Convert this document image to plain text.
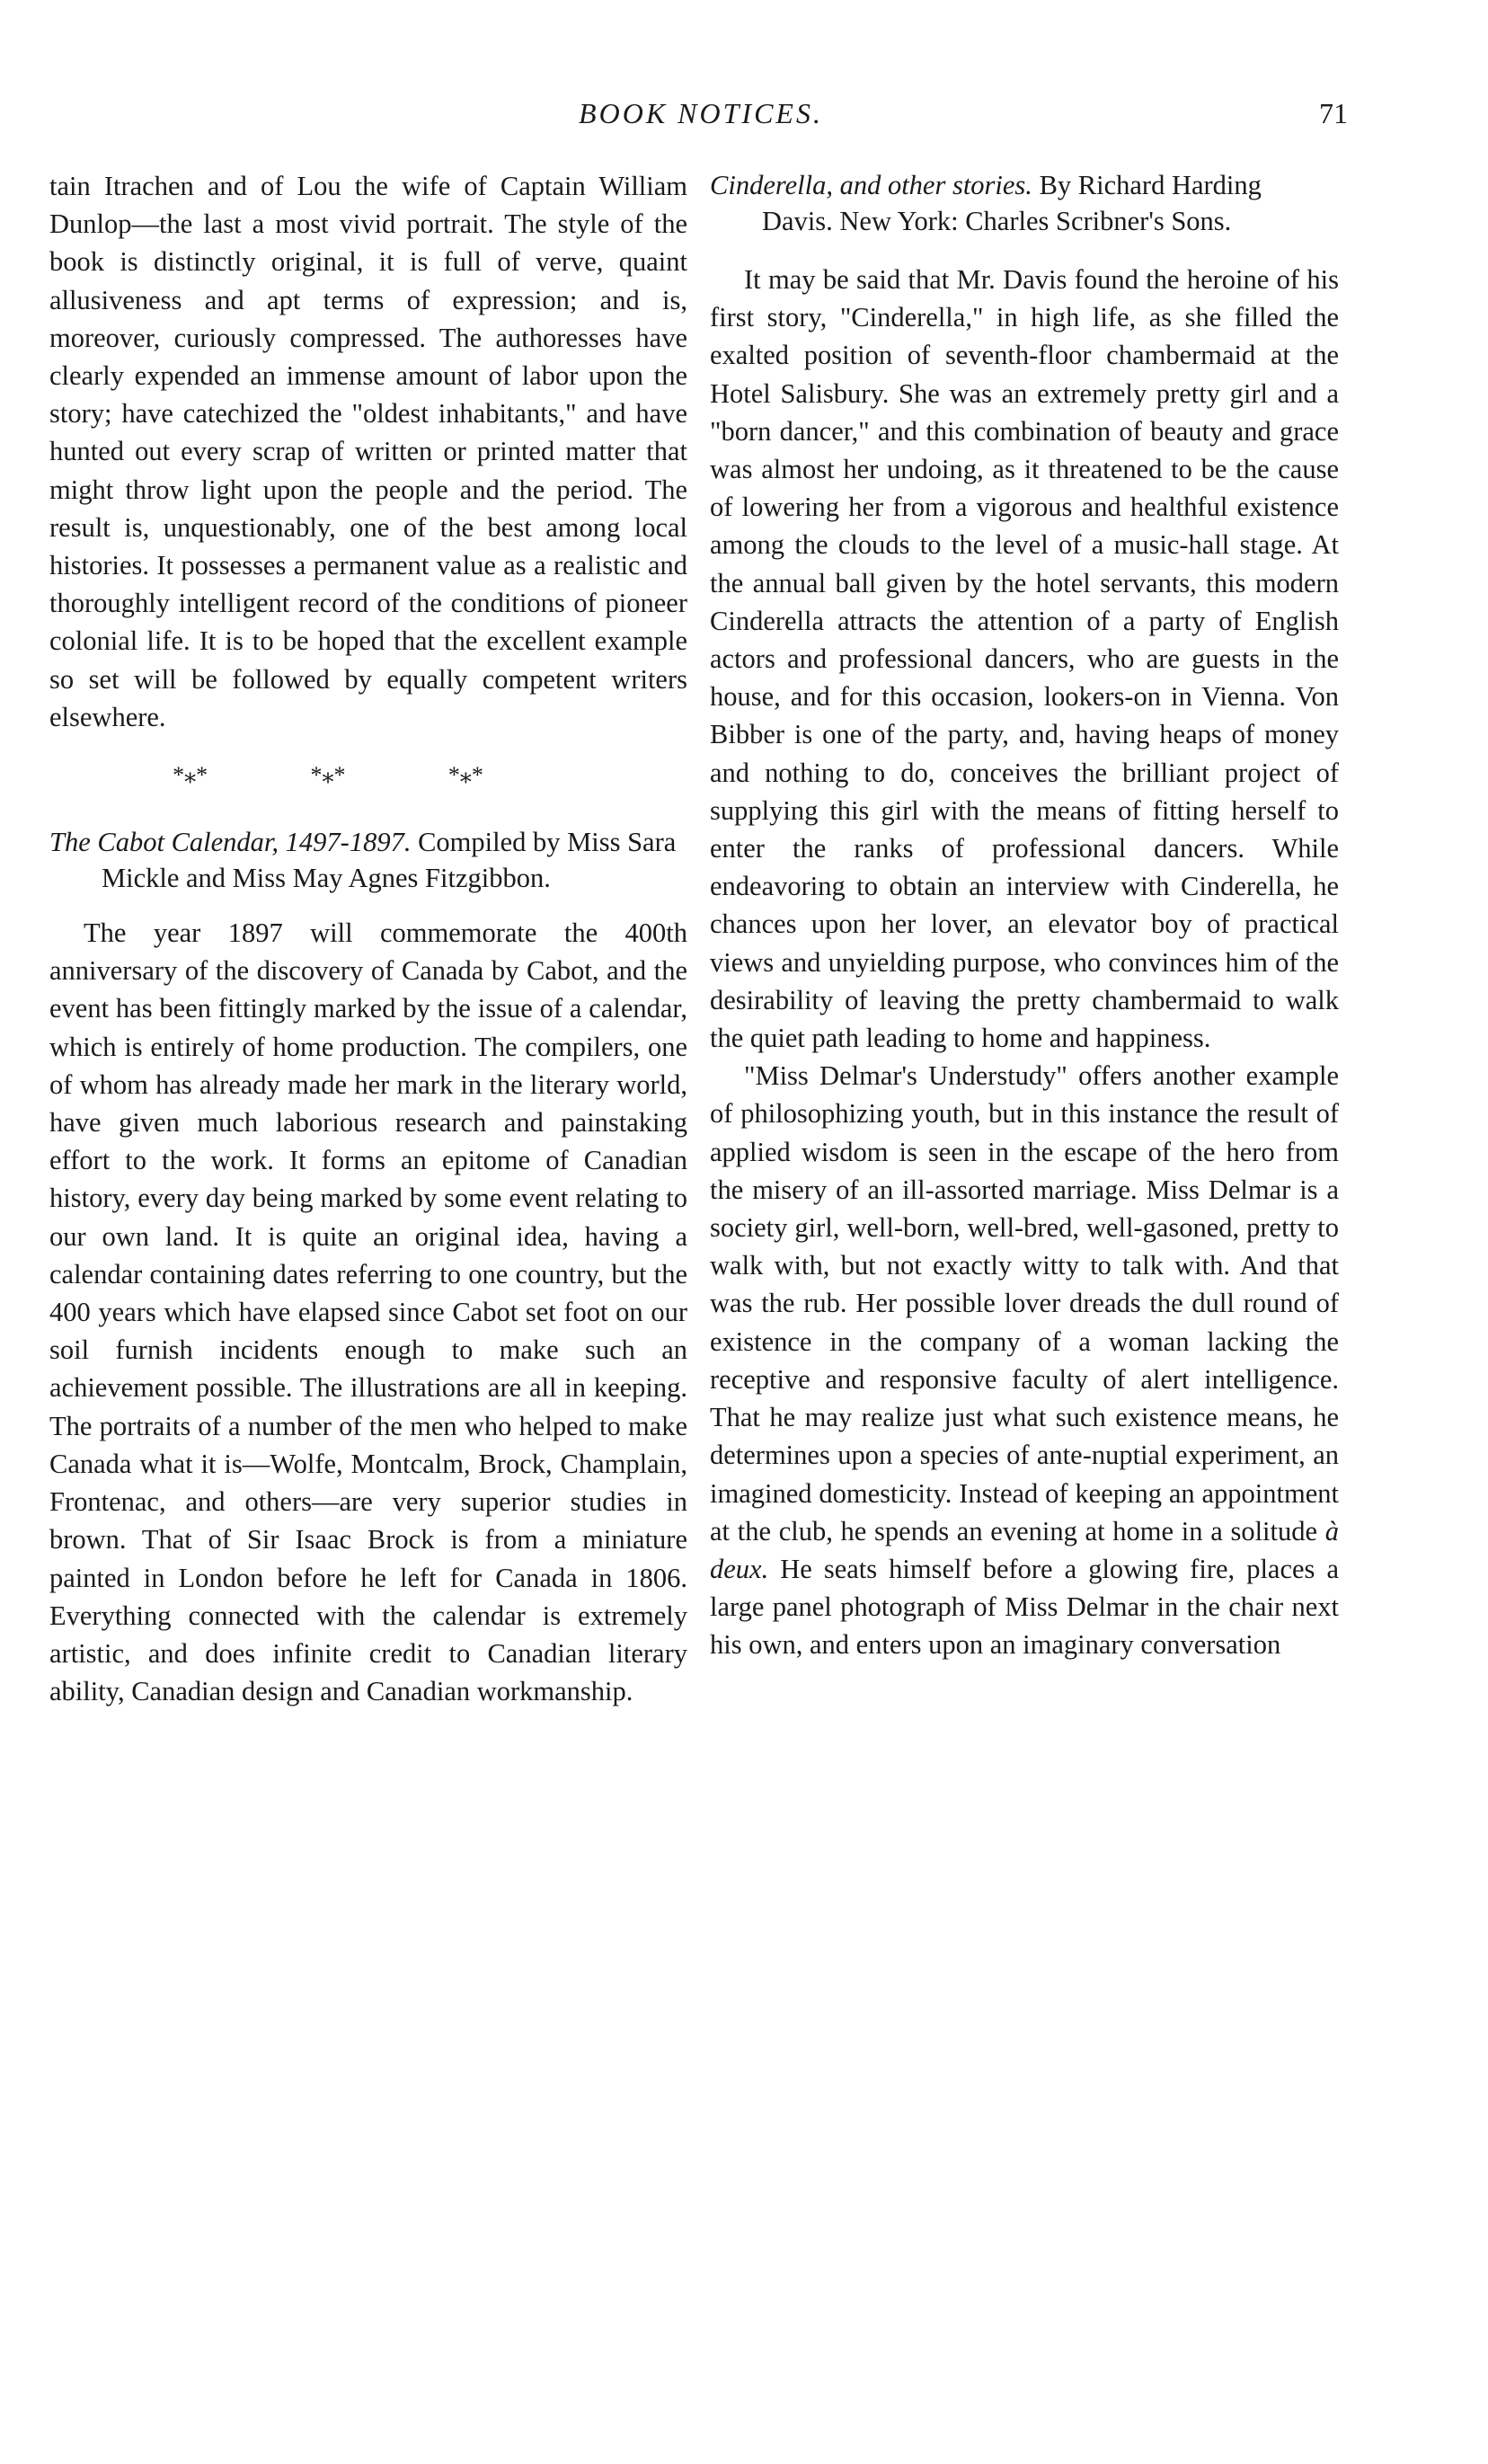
BOOK NOTICES.	71

tain Itrachen and of Lou the wife of Captain William Dunlop—the last a most vivid portrait. The style of the book is distinctly original, it is full of verve, quaint allusiveness and apt terms of expression; and is, moreover, curiously compressed. The authoresses have clearly expended an immense amount of labor upon the story; have catechized the "oldest inhabitants," and have hunted out every scrap of written or printed matter that might throw light upon the people and the period. The result is, unquestionably, one of the best among local histories. It possesses a permanent value as a realistic and thoroughly intelligent record of the conditions of pioneer colonial life. It is to be hoped that the excellent example so set will be followed by equally competent writers elsewhere.

*⁎*	*⁎*	*⁎*

The Cabot Calendar, 1497-1897. Compiled by Miss Sara Mickle and Miss May Agnes Fitzgibbon.

The year 1897 will commemorate the 400th anniversary of the discovery of Canada by Cabot, and the event has been fittingly marked by the issue of a calendar, which is entirely of home production. The compilers, one of whom has already made her mark in the literary world, have given much laborious research and painstaking effort to the work. It forms an epitome of Canadian history, every day being marked by some event relating to our own land. It is quite an original idea, having a calendar containing dates referring to one country, but the 400 years which have elapsed since Cabot set foot on our soil furnish incidents enough to make such an achievement possible. The illustrations are all in keeping. The portraits of a number of the men who helped to make Canada what it is—Wolfe, Montcalm, Brock, Champlain, Frontenac, and others—are very superior studies in brown. That of Sir Isaac Brock is from a miniature painted in London before he left for Canada in 1806. Everything connected with the calendar is extremely artistic, and does infinite credit to Canadian literary ability, Canadian design and Canadian workmanship.

Cinderella, and other stories. By Richard Harding Davis. New York: Charles Scribner's Sons.

It may be said that Mr. Davis found the heroine of his first story, "Cinderella," in high life, as she filled the exalted position of seventh-floor chambermaid at the Hotel Salisbury. She was an extremely pretty girl and a "born dancer," and this combination of beauty and grace was almost her undoing, as it threatened to be the cause of lowering her from a vigorous and healthful existence among the clouds to the level of a music-hall stage. At the annual ball given by the hotel servants, this modern Cinderella attracts the attention of a party of English actors and professional dancers, who are guests in the house, and for this occasion, lookers-on in Vienna. Von Bibber is one of the party, and, having heaps of money and nothing to do, conceives the brilliant project of supplying this girl with the means of fitting herself to enter the ranks of professional dancers. While endeavoring to obtain an interview with Cinderella, he chances upon her lover, an elevator boy of practical views and unyielding purpose, who convinces him of the desirability of leaving the pretty chambermaid to walk the quiet path leading to home and happiness.

"Miss Delmar's Understudy" offers another example of philosophizing youth, but in this instance the result of applied wisdom is seen in the escape of the hero from the misery of an ill-assorted marriage. Miss Delmar is a society girl, well-born, well-bred, well-gasoned, pretty to walk with, but not exactly witty to talk with. And that was the rub. Her possible lover dreads the dull round of existence in the company of a woman lacking the receptive and responsive faculty of alert intelligence. That he may realize just what such existence means, he determines upon a species of ante-nuptial experiment, an imagined domesticity. Instead of keeping an appointment at the club, he spends an evening at home in a solitude à deux. He seats himself before a glowing fire, places a large panel photograph of Miss Delmar in the chair next his own, and enters upon an imaginary conversation
